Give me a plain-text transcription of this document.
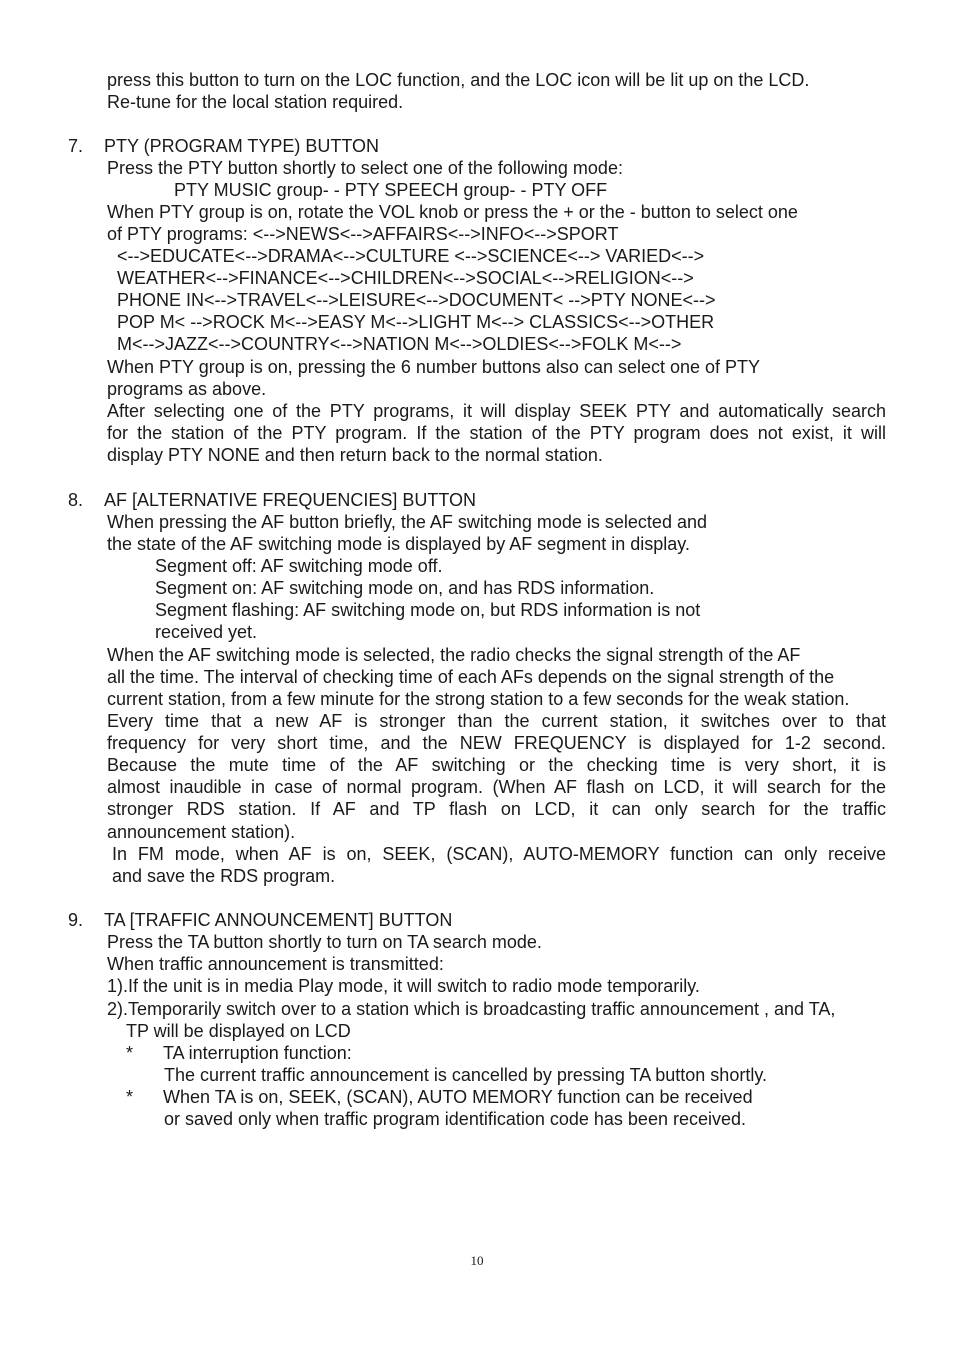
press this button to turn on the LOC function, and the LOC icon will be lit up on the LCD.
Re-tune for the local station required.
7. PTY (PROGRAM TYPE) BUTTON
Press the PTY button shortly to select one of the following mode:
PTY MUSIC group- - PTY SPEECH group- - PTY OFF
When PTY group is on, rotate the VOL knob or press the + or the - button to select one
of PTY programs: <-->NEWS<-->AFFAIRS<-->INFO<-->SPORT
<-->EDUCATE<-->DRAMA<-->CULTURE <-->SCIENCE<--> VARIED<-->
WEATHER<-->FINANCE<-->CHILDREN<-->SOCIAL<-->RELIGION<-->
PHONE IN<-->TRAVEL<-->LEISURE<-->DOCUMENT< -->PTY NONE<-->
POP M< -->ROCK M<-->EASY M<-->LIGHT M<--> CLASSICS<-->OTHER
M<-->JAZZ<-->COUNTRY<-->NATION M<-->OLDIES<-->FOLK M<-->
When PTY group is on, pressing the 6 number buttons also can select one of PTY
programs as above.
After selecting one of the PTY programs, it will display SEEK PTY and automatically search
for the station of the PTY program. If the station of the PTY program does not exist, it will
display PTY NONE and then return back to the normal station.
8. AF [ALTERNATIVE FREQUENCIES] BUTTON
When pressing the AF button briefly, the AF switching mode is selected and
the state of the AF switching mode is displayed by AF segment in display.
Segment off: AF switching mode off.
Segment on: AF switching mode on, and has RDS information.
Segment flashing: AF switching mode on, but RDS information is not
received yet.
When the AF switching mode is selected, the radio checks the signal strength of the AF
all the time. The interval of checking time of each AFs depends on the signal strength of the
current station, from a few minute for the strong station to a few seconds for the weak station.
Every time that a new AF is stronger than the current station, it switches over to that
frequency for very short time, and the NEW FREQUENCY is displayed for 1-2 second.
Because the mute time of the AF switching or the checking time is very short, it is
almost inaudible in case of normal program. (When AF flash on LCD, it will search for the
stronger RDS station. If AF and TP flash on LCD, it can only search for the traffic
announcement station).
In FM mode, when AF is on, SEEK, (SCAN), AUTO-MEMORY function can only receive
and save the RDS program.
9. TA [TRAFFIC ANNOUNCEMENT] BUTTON
Press the TA button shortly to turn on TA search mode.
When traffic announcement is transmitted:
1).If the unit is in media Play mode, it will switch to radio mode temporarily.
2).Temporarily switch over to a station which is broadcasting traffic announcement , and TA,
TP will be displayed on LCD
* TA interruption function:
The current traffic announcement is cancelled by pressing TA button shortly.
* When TA is on, SEEK, (SCAN), AUTO MEMORY function can be received
or saved only when traffic program identification code has been received.
10
